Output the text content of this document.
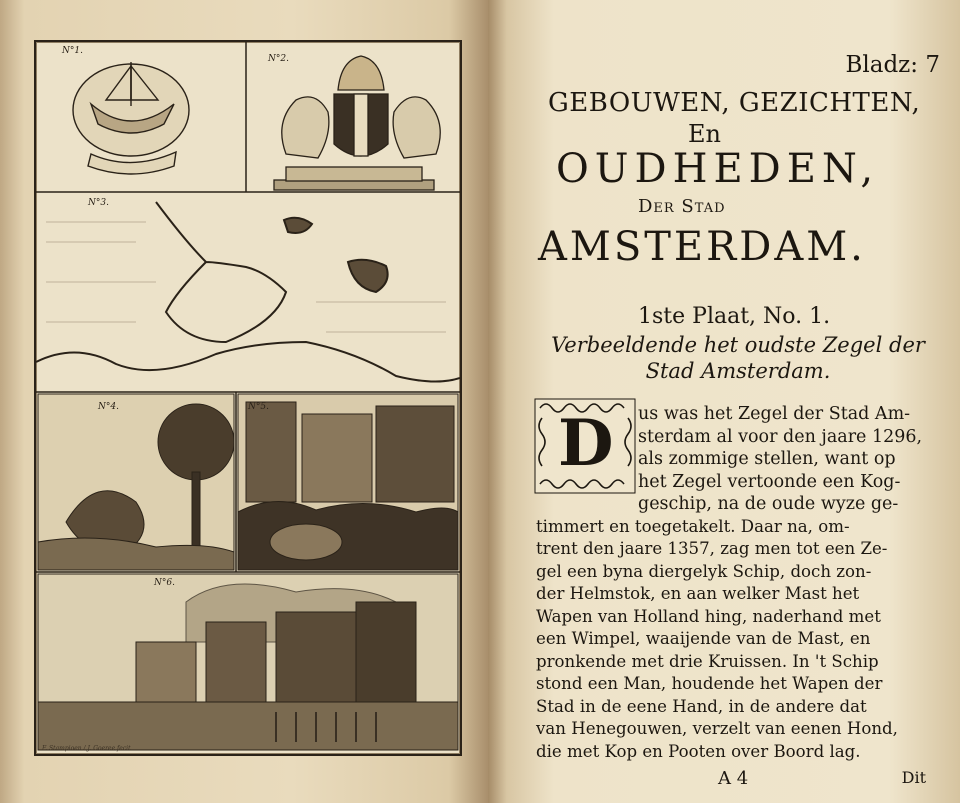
N°1.
N°2.
N°3.
N°4.	N°5.
N°6.
F. Stampioen / J. Goeree fecit
Bladz: 7
GEBOUWEN, GEZICHTEN,
En
OUDHEDEN,
Der Stad
AMSTERDAM.
1ste Plaat, No. 1.
Verbeeldende het oudste Zegel der
Stad Amsterdam.
D us was het Zegel der Stad Am-
sterdam al voor den jaare 1296,
als zommige stellen, want op
het Zegel vertoonde een Kog-
geschip, na de oude wyze ge-
timmert en toegetakelt. Daar na, om-
trent den jaare 1357, zag men tot een Ze-
gel een byna diergelyk Schip, doch zon-
der Helmstok, en aan welker Mast het
Wapen van Holland hing, naderhand met
een Wimpel, waaijende van de Mast, en
pronkende met drie Kruissen. In 't Schip
stond een Man, houdende het Wapen der
Stad in de eene Hand, in de andere dat
van Henegouwen, verzelt van eenen Hond,
die met Kop en Pooten over Boord lag.
A 4	Dit
